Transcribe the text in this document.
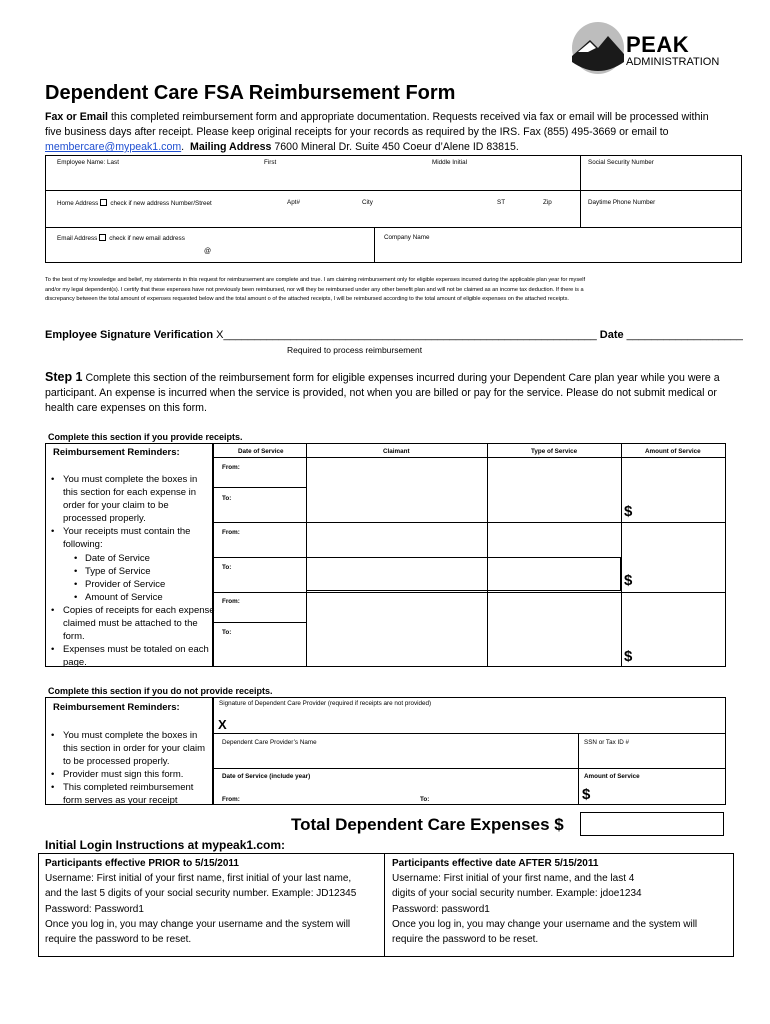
PEAK
ADMINISTRATION
Dependent Care FSA Reimbursement Form
Fax or Email this completed reimbursement form and appropriate documentation. Requests received via fax or email will be processed within
five business days after receipt. Please keep original receipts for your records as required by the IRS. Fax (855) 495-3669 or email to
membercare@mypeak1.com.  Mailing Address 7600 Mineral Dr. Suite 450 Coeur d’Alene ID 83815.
Employee Name: Last	First	Middle Initial	Social Security Number
Home Address check if new address Number/Street	Apt#	City	ST	Zip	Daytime Phone Number
Email Address check if new email address
@
Company Name
To the best of my knowledge and belief, my statements in this request for reimbursement are complete and true. I am claiming reimbursement only for eligible expenses incurred during the applicable plan year for myself
and/or my legal dependent(s). I certify that these expenses have not previously been reimbursed, nor will they be reimbursed under any other benefit plan and will not be claimed as an income tax deduction. If there is a
discrepancy between the total amount of expenses requested below and the total amount o of the attached receipts, I will be reimbursed according to the total amount of eligible expenses on the attached receipts.
Employee Signature Verification X_____________________________________________________________ Date ___________________
Required to process reimbursement
Step 1 Complete this section of the reimbursement form for eligible expenses incurred during your Dependent Care plan year while you were a
participant. An expense is incurred when the service is provided, not when you are billed or pay for the service. Please do not submit medical or
health care expenses on this form.
Complete this section if you provide receipts.
Reimbursement Reminders:
• You must complete the boxes in
this section for each expense in
order for your claim to be
processed properly.
• Your receipts must contain the
following:
• Date of Service
• Type of Service
• Provider of Service
• Amount of Service
• Copies of receipts for each expense
claimed must be attached to the
form.
• Expenses must be totaled on each
page.
Date of Service	Claimant	Type of Service	Amount of Service
From:
To:
$
From:
To:
$
From:
To:
$
Complete this section if you do not provide receipts.
Reimbursement Reminders:
• You must complete the boxes in
this section in order for your claim
to be processed properly.
• Provider must sign this form.
• This completed reimbursement
form serves as your receipt
Signature of Dependent Care Provider (required if receipts are not provided)
X
Dependent Care Provider’s Name	SSN or Tax ID #
Date of Service (include year)	Amount of Service
From:	To:	$
Total Dependent Care Expenses $
Initial Login Instructions at mypeak1.com:
Participants effective PRIOR to 5/15/2011
Username: First initial of your first name, first initial of your last name,
and the last 5 digits of your social security number. Example: JD12345
Password: Password1
Once you log in, you may change your username and the system will
require the password to be reset.
Participants effective date AFTER 5/15/2011
Username: First initial of your first name, and the last 4
digits of your social security number. Example: jdoe1234
Password: password1
Once you log in, you may change your username and the system will
require the password to be reset.
